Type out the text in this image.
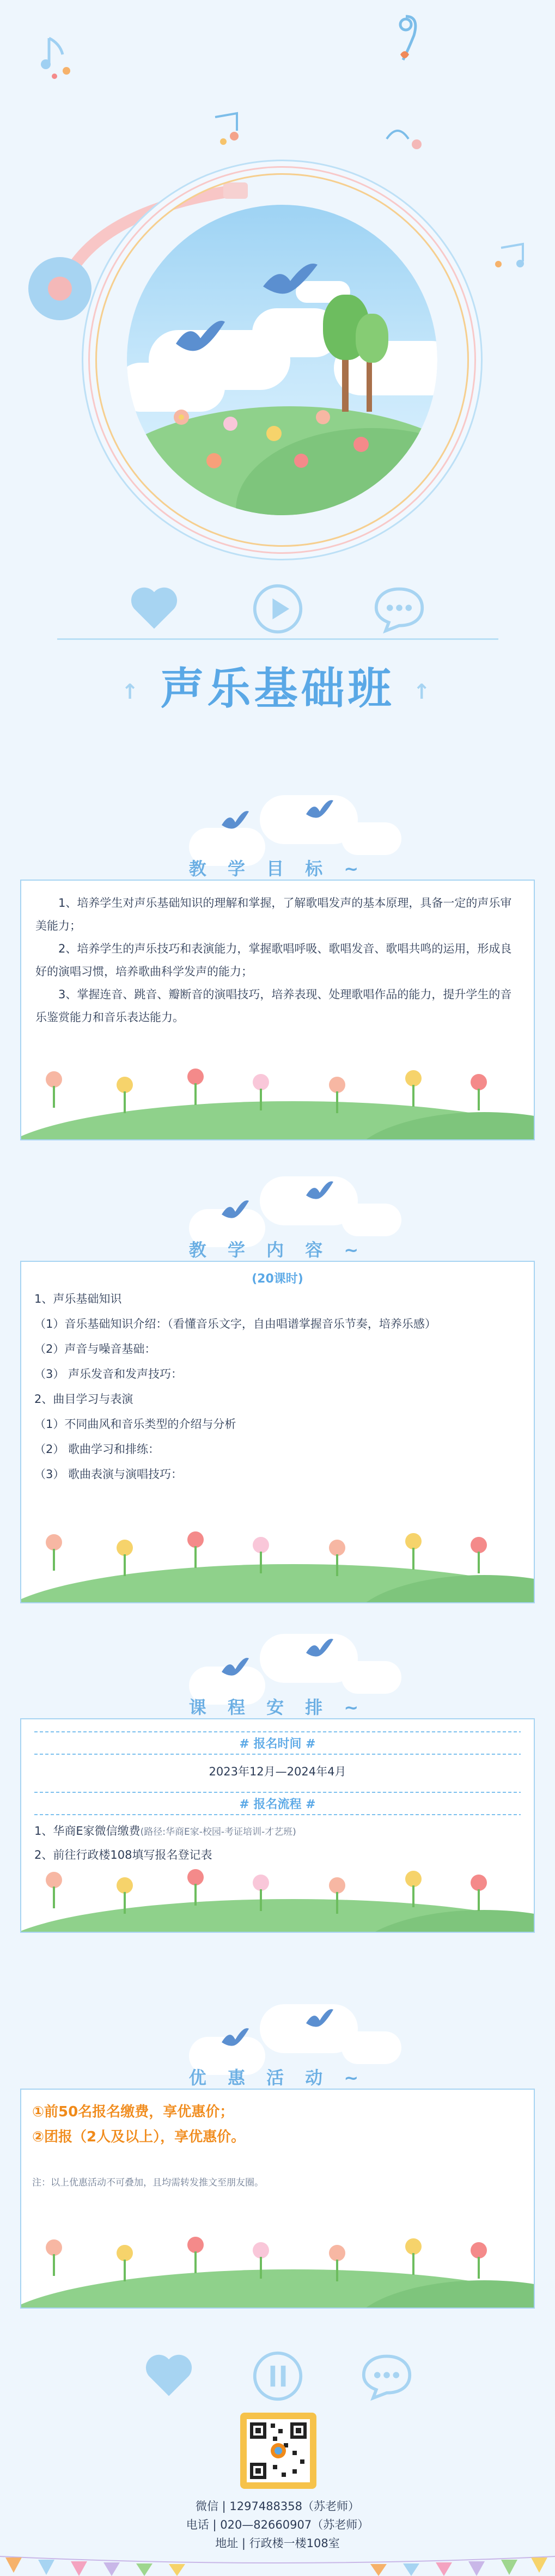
↑ 声乐基础班 ↑
教 学 目 标 ~

1、培养学生对声乐基础知识的理解和掌握，了解歌唱发声的基本原理，具备一定的声乐审美能力；

2、培养学生的声乐技巧和表演能力，掌握歌唱呼吸、歌唱发音、歌唱共鸣的运用，形成良好的演唱习惯，培养歌曲科学发声的能力；

3、掌握连音、跳音、瓣断音的演唱技巧，培养表现、处理歌唱作品的能力，提升学生的音乐鉴赏能力和音乐表达能力。

教 学 内 容 ~
(20课时)

1、声乐基础知识

（1）音乐基础知识介绍：（看懂音乐文字，自由唱谱掌握音乐节奏，培养乐感）

（2）声音与噪音基础：

（3） 声乐发音和发声技巧：

2、曲目学习与表演

（1）不同曲风和音乐类型的介绍与分析

（2） 歌曲学习和排练：

（3） 歌曲表演与演唱技巧：

课 程 安 排 ~
# 报名时间 #
2023年12月—2024年4月
# 报名流程 #

1、华商E家微信缴费(路径:华商E家-校园-考证培训-才艺班)

2、前往行政楼108填写报名登记表

优 惠 活 动 ~
①前50名报名缴费，享优惠价；
②团报（2人及以上），享优惠价。
注：以上优惠活动不可叠加，且均需转发推文至朋友圈。
微信 | 1297488358（苏老师）
电话 | 020—82660907（苏老师）
地址 | 行政楼一楼108室
